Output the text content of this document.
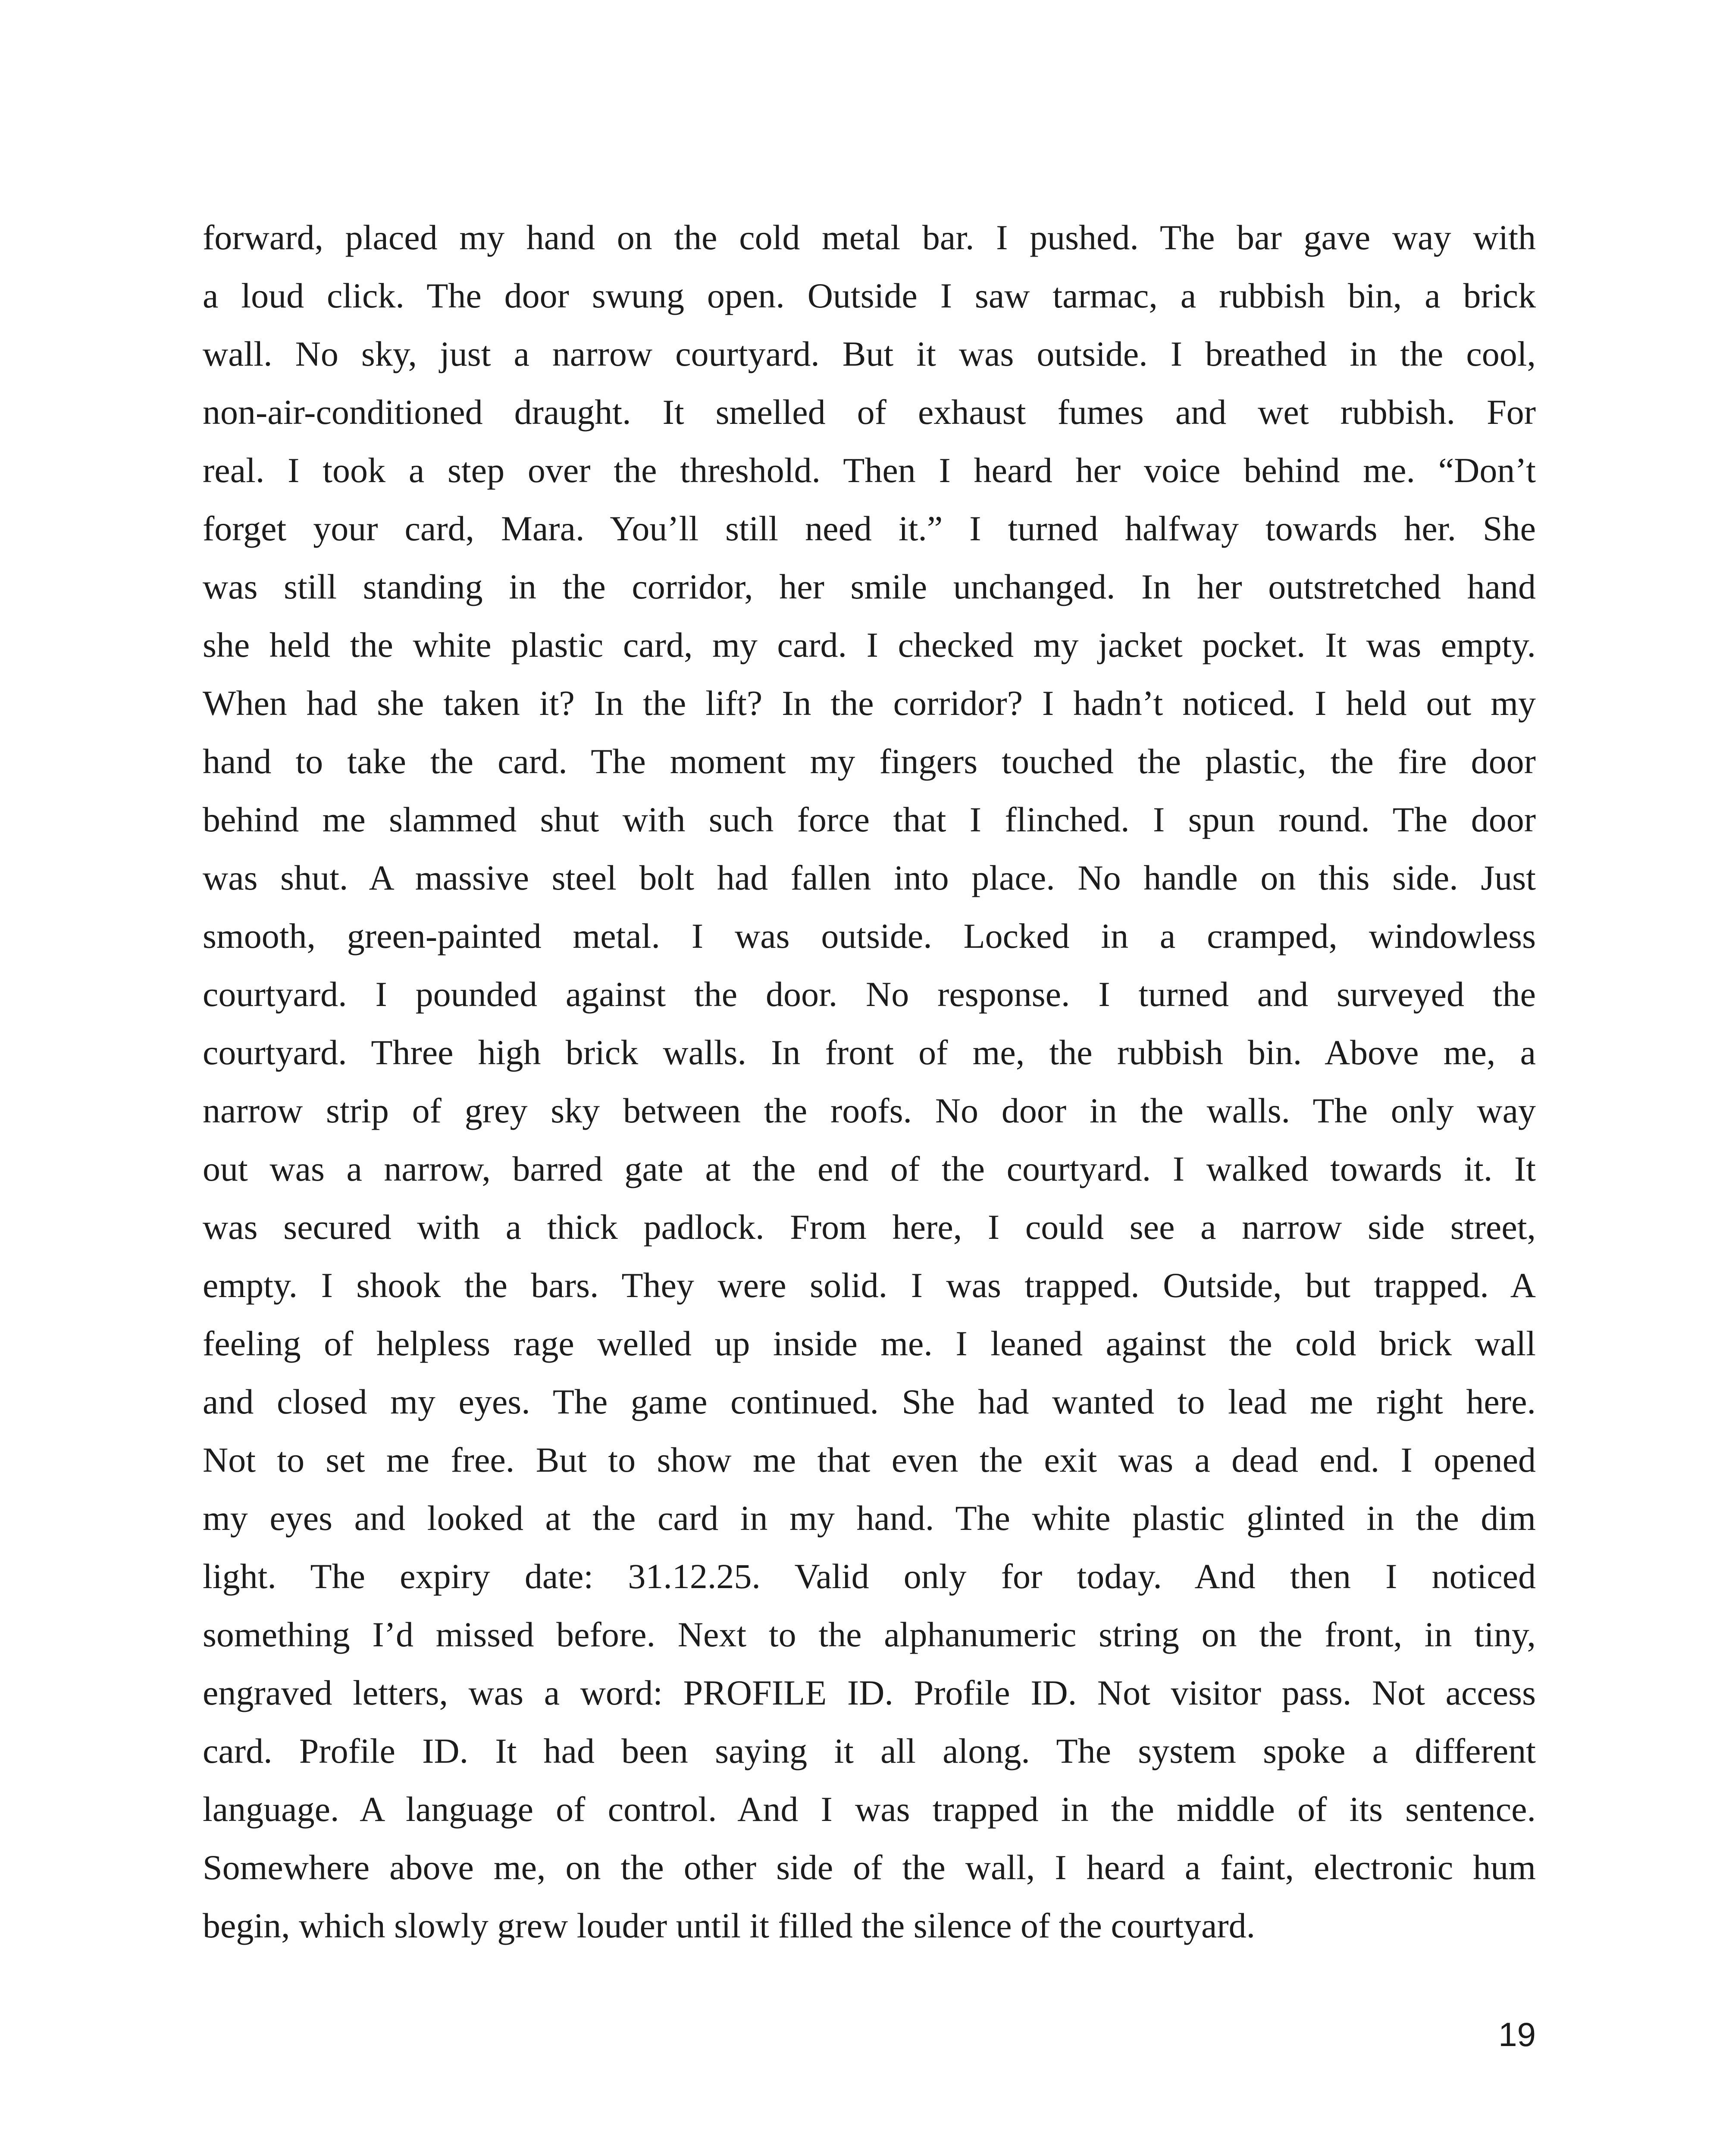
forward, placed my hand on the cold metal bar. I pushed. The bar gave way with
a loud click. The door swung open. Outside I saw tarmac, a rubbish bin, a brick
wall. No sky, just a narrow courtyard. But it was outside. I breathed in the cool,
non-air-conditioned draught. It smelled of exhaust fumes and wet rubbish. For
real. I took a step over the threshold. Then I heard her voice behind me. “Don’t
forget your card, Mara. You’ll still need it.” I turned halfway towards her. She
was still standing in the corridor, her smile unchanged. In her outstretched hand
she held the white plastic card, my card. I checked my jacket pocket. It was empty.
When had she taken it? In the lift? In the corridor? I hadn’t noticed. I held out my
hand to take the card. The moment my fingers touched the plastic, the fire door
behind me slammed shut with such force that I flinched. I spun round. The door
was shut. A massive steel bolt had fallen into place. No handle on this side. Just
smooth, green-painted metal. I was outside. Locked in a cramped, windowless
courtyard. I pounded against the door. No response. I turned and surveyed the
courtyard. Three high brick walls. In front of me, the rubbish bin. Above me, a
narrow strip of grey sky between the roofs. No door in the walls. The only way
out was a narrow, barred gate at the end of the courtyard. I walked towards it. It
was secured with a thick padlock. From here, I could see a narrow side street,
empty. I shook the bars. They were solid. I was trapped. Outside, but trapped. A
feeling of helpless rage welled up inside me. I leaned against the cold brick wall
and closed my eyes. The game continued. She had wanted to lead me right here.
Not to set me free. But to show me that even the exit was a dead end. I opened
my eyes and looked at the card in my hand. The white plastic glinted in the dim
light. The expiry date: 31.12.25. Valid only for today. And then I noticed
something I’d missed before. Next to the alphanumeric string on the front, in tiny,
engraved letters, was a word: PROFILE ID. Profile ID. Not visitor pass. Not access
card. Profile ID. It had been saying it all along. The system spoke a different
language. A language of control. And I was trapped in the middle of its sentence.
Somewhere above me, on the other side of the wall, I heard a faint, electronic hum
begin, which slowly grew louder until it filled the silence of the courtyard.

19
